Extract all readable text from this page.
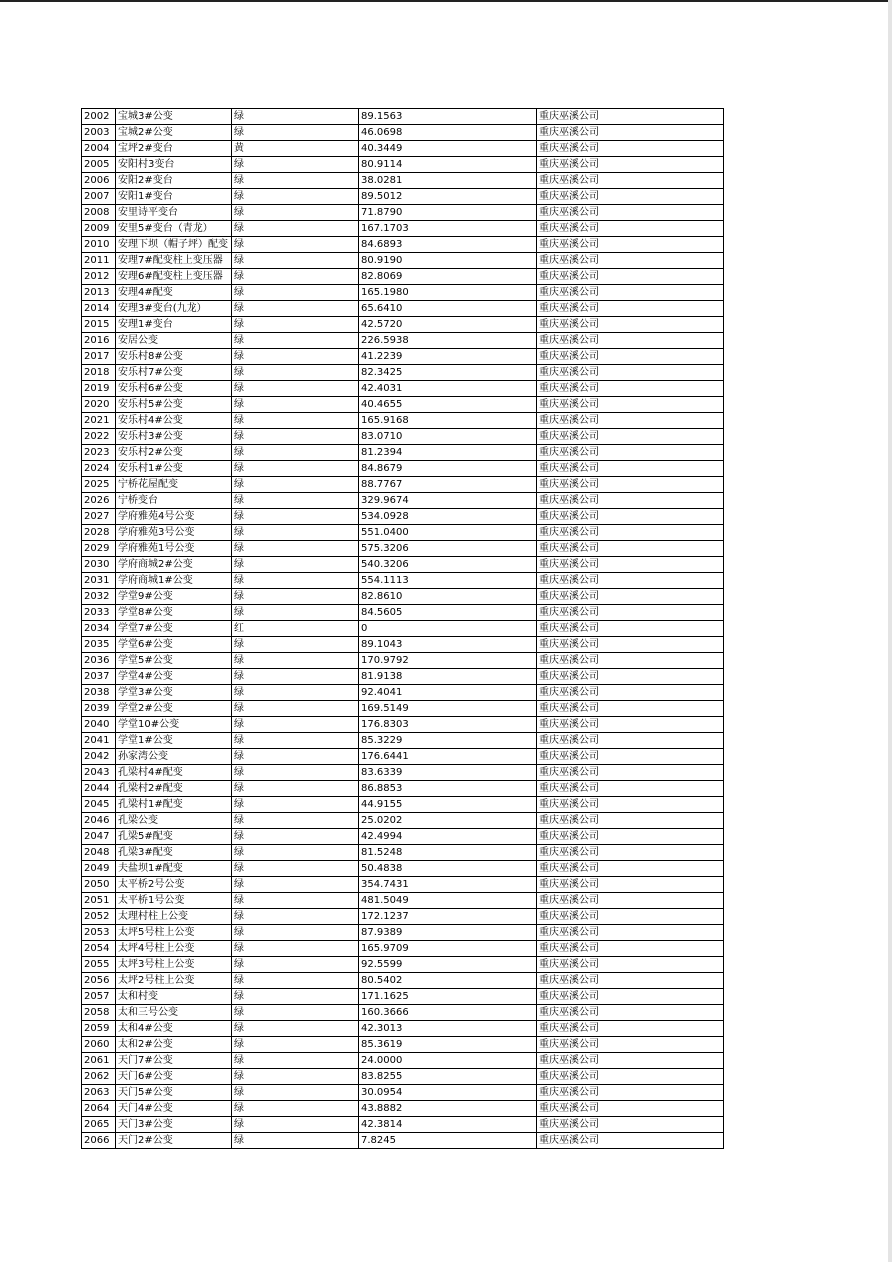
2002	宝城3#公变	绿	89.1563	重庆巫溪公司
2003	宝城2#公变	绿	46.0698	重庆巫溪公司
2004	宝坪2#变台	黄	40.3449	重庆巫溪公司
2005	安阳村3变台	绿	80.9114	重庆巫溪公司
2006	安阳2#变台	绿	38.0281	重庆巫溪公司
2007	安阳1#变台	绿	89.5012	重庆巫溪公司
2008	安里诗平变台	绿	71.8790	重庆巫溪公司
2009	安里5#变台（青龙）	绿	167.1703	重庆巫溪公司
2010	安理下坝（帽子坪）配变	绿	84.6893	重庆巫溪公司
2011	安理7#配变柱上变压器	绿	80.9190	重庆巫溪公司
2012	安理6#配变柱上变压器	绿	82.8069	重庆巫溪公司
2013	安理4#配变	绿	165.1980	重庆巫溪公司
2014	安理3#变台(九龙）	绿	65.6410	重庆巫溪公司
2015	安理1#变台	绿	42.5720	重庆巫溪公司
2016	安居公变	绿	226.5938	重庆巫溪公司
2017	安乐村8#公变	绿	41.2239	重庆巫溪公司
2018	安乐村7#公变	绿	82.3425	重庆巫溪公司
2019	安乐村6#公变	绿	42.4031	重庆巫溪公司
2020	安乐村5#公变	绿	40.4655	重庆巫溪公司
2021	安乐村4#公变	绿	165.9168	重庆巫溪公司
2022	安乐村3#公变	绿	83.0710	重庆巫溪公司
2023	安乐村2#公变	绿	81.2394	重庆巫溪公司
2024	安乐村1#公变	绿	84.8679	重庆巫溪公司
2025	宁桥花屋配变	绿	88.7767	重庆巫溪公司
2026	宁桥变台	绿	329.9674	重庆巫溪公司
2027	学府雅苑4号公变	绿	534.0928	重庆巫溪公司
2028	学府雅苑3号公变	绿	551.0400	重庆巫溪公司
2029	学府雅苑1号公变	绿	575.3206	重庆巫溪公司
2030	学府商城2#公变	绿	540.3206	重庆巫溪公司
2031	学府商城1#公变	绿	554.1113	重庆巫溪公司
2032	学堂9#公变	绿	82.8610	重庆巫溪公司
2033	学堂8#公变	绿	84.5605	重庆巫溪公司
2034	学堂7#公变	红	0	重庆巫溪公司
2035	学堂6#公变	绿	89.1043	重庆巫溪公司
2036	学堂5#公变	绿	170.9792	重庆巫溪公司
2037	学堂4#公变	绿	81.9138	重庆巫溪公司
2038	学堂3#公变	绿	92.4041	重庆巫溪公司
2039	学堂2#公变	绿	169.5149	重庆巫溪公司
2040	学堂10#公变	绿	176.8303	重庆巫溪公司
2041	学堂1#公变	绿	85.3229	重庆巫溪公司
2042	孙家湾公变	绿	176.6441	重庆巫溪公司
2043	孔梁村4#配变	绿	83.6339	重庆巫溪公司
2044	孔梁村2#配变	绿	86.8853	重庆巫溪公司
2045	孔梁村1#配变	绿	44.9155	重庆巫溪公司
2046	孔梁公变	绿	25.0202	重庆巫溪公司
2047	孔梁5#配变	绿	42.4994	重庆巫溪公司
2048	孔梁3#配变	绿	81.5248	重庆巫溪公司
2049	夫盐坝1#配变	绿	50.4838	重庆巫溪公司
2050	太平桥2号公变	绿	354.7431	重庆巫溪公司
2051	太平桥1号公变	绿	481.5049	重庆巫溪公司
2052	太理村柱上公变	绿	172.1237	重庆巫溪公司
2053	太坪5号柱上公变	绿	87.9389	重庆巫溪公司
2054	太坪4号柱上公变	绿	165.9709	重庆巫溪公司
2055	太坪3号柱上公变	绿	92.5599	重庆巫溪公司
2056	太坪2号柱上公变	绿	80.5402	重庆巫溪公司
2057	太和村变	绿	171.1625	重庆巫溪公司
2058	太和三号公变	绿	160.3666	重庆巫溪公司
2059	太和4#公变	绿	42.3013	重庆巫溪公司
2060	太和2#公变	绿	85.3619	重庆巫溪公司
2061	天门7#公变	绿	24.0000	重庆巫溪公司
2062	天门6#公变	绿	83.8255	重庆巫溪公司
2063	天门5#公变	绿	30.0954	重庆巫溪公司
2064	天门4#公变	绿	43.8882	重庆巫溪公司
2065	天门3#公变	绿	42.3814	重庆巫溪公司
2066	天门2#公变	绿	7.8245	重庆巫溪公司
